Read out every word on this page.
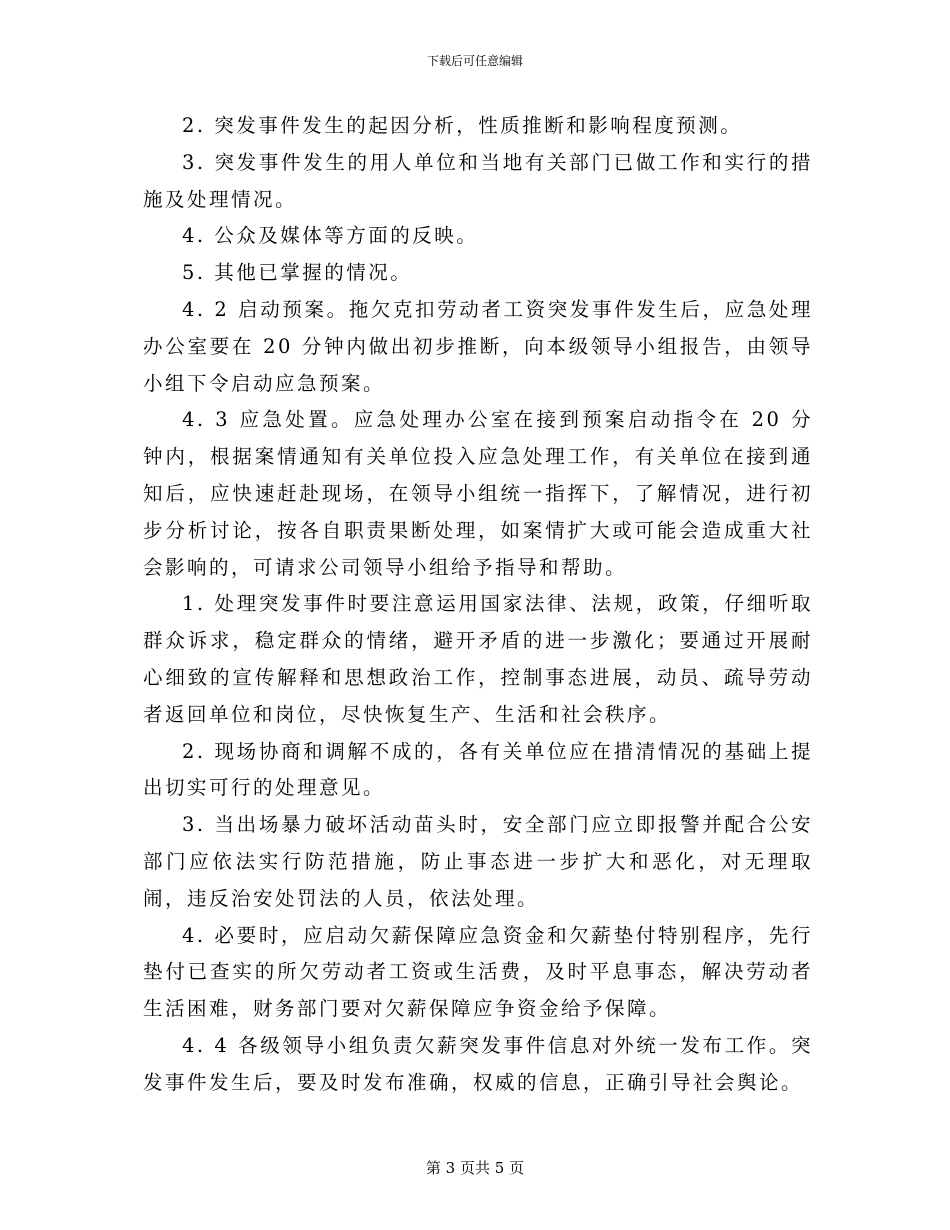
下载后可任意编辑

2. 突发事件发生的起因分析，性质推断和影响程度预测。

3. 突发事件发生的用人单位和当地有关部门已做工作和实行的措施及处理情况。

4. 公众及媒体等方面的反映。

5. 其他已掌握的情况。

4. 2 启动预案。拖欠克扣劳动者工资突发事件发生后，应急处理办公室要在 20 分钟内做出初步推断，向本级领导小组报告，由领导小组下令启动应急预案。

4. 3 应急处置。应急处理办公室在接到预案启动指令在 20 分钟内，根据案情通知有关单位投入应急处理工作，有关单位在接到通知后，应快速赶赴现场，在领导小组统一指挥下，了解情况，进行初步分析讨论，按各自职责果断处理，如案情扩大或可能会造成重大社会影响的，可请求公司领导小组给予指导和帮助。

1. 处理突发事件时要注意运用国家法律、法规，政策，仔细听取群众诉求，稳定群众的情绪，避开矛盾的进一步激化；要通过开展耐心细致的宣传解释和思想政治工作，控制事态进展，动员、疏导劳动者返回单位和岗位，尽快恢复生产、生活和社会秩序。

2. 现场协商和调解不成的，各有关单位应在措清情况的基础上提出切实可行的处理意见。

3. 当出场暴力破坏活动苗头时，安全部门应立即报警并配合公安部门应依法实行防范措施，防止事态进一步扩大和恶化，对无理取闹，违反治安处罚法的人员，依法处理。

4. 必要时，应启动欠薪保障应急资金和欠薪垫付特别程序，先行垫付已查实的所欠劳动者工资或生活费，及时平息事态，解决劳动者生活困难，财务部门要对欠薪保障应争资金给予保障。

4. 4 各级领导小组负责欠薪突发事件信息对外统一发布工作。突发事件发生后，要及时发布准确，权威的信息，正确引导社会舆论。

第 3 页共 5 页
